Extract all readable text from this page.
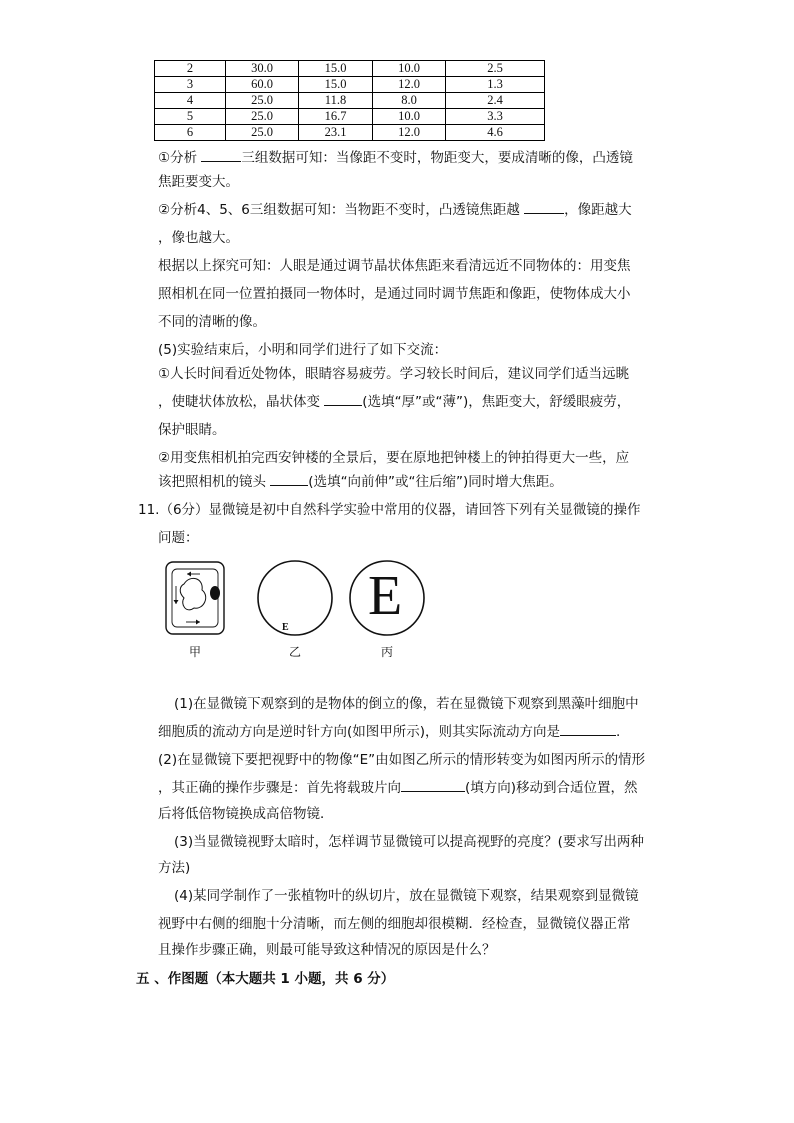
2	30.0	15.0	10.0	2.5
3	60.0	15.0	12.0	1.3
4	25.0	11.8	8.0	2.4
5	25.0	16.7	10.0	3.3
6	25.0	23.1	12.0	4.6

①分析	三组数据可知：当像距不变时，物距变大，要成清晰的像，凸透镜

焦距要变大。

②分析4、5、6三组数据可知：当物距不变时，凸透镜焦距越	，像距越大

，像也越大。

根据以上探究可知：人眼是通过调节晶状体焦距来看清远近不同物体的：用变焦

照相机在同一位置拍摄同一物体时，是通过同时调节焦距和像距，使物体成大小

不同的清晰的像。

(5)实验结束后，小明和同学们进行了如下交流：

①人长时间看近处物体，眼睛容易疲劳。学习较长时间后，建议同学们适当远眺

，使睫状体放松，晶状体变	(选填“厚”或“薄”)，焦距变大，舒缓眼疲劳，

保护眼睛。

②用变焦相机拍完西安钟楼的全景后，要在原地把钟楼上的钟拍得更大一些，应

该把照相机的镜头	(选填“向前伸”或“往后缩”)同时增大焦距。

11.（6分）显微镜是初中自然科学实验中常用的仪器，请回答下列有关显微镜的操作

问题：

E
E
甲	乙	丙

(1)在显微镜下观察到的是物体的倒立的像，若在显微镜下观察到黑藻叶细胞中

细胞质的流动方向是逆时针方向(如图甲所示)，则其实际流动方向是	.

(2)在显微镜下要把视野中的物像“E”由如图乙所示的情形转变为如图丙所示的情形

，其正确的操作步骤是：首先将载玻片向	(填方向)移动到合适位置，然

后将低倍物镜换成高倍物镜．

(3)当显微镜视野太暗时，怎样调节显微镜可以提高视野的亮度？(要求写出两种

方法)

(4)某同学制作了一张植物叶的纵切片，放在显微镜下观察，结果观察到显微镜

视野中右侧的细胞十分清晰，而左侧的细胞却很模糊．经检查，显微镜仪器正常

且操作步骤正确，则最可能导致这种情况的原因是什么？

五 、作图题（本大题共 1 小题，共 6 分）
